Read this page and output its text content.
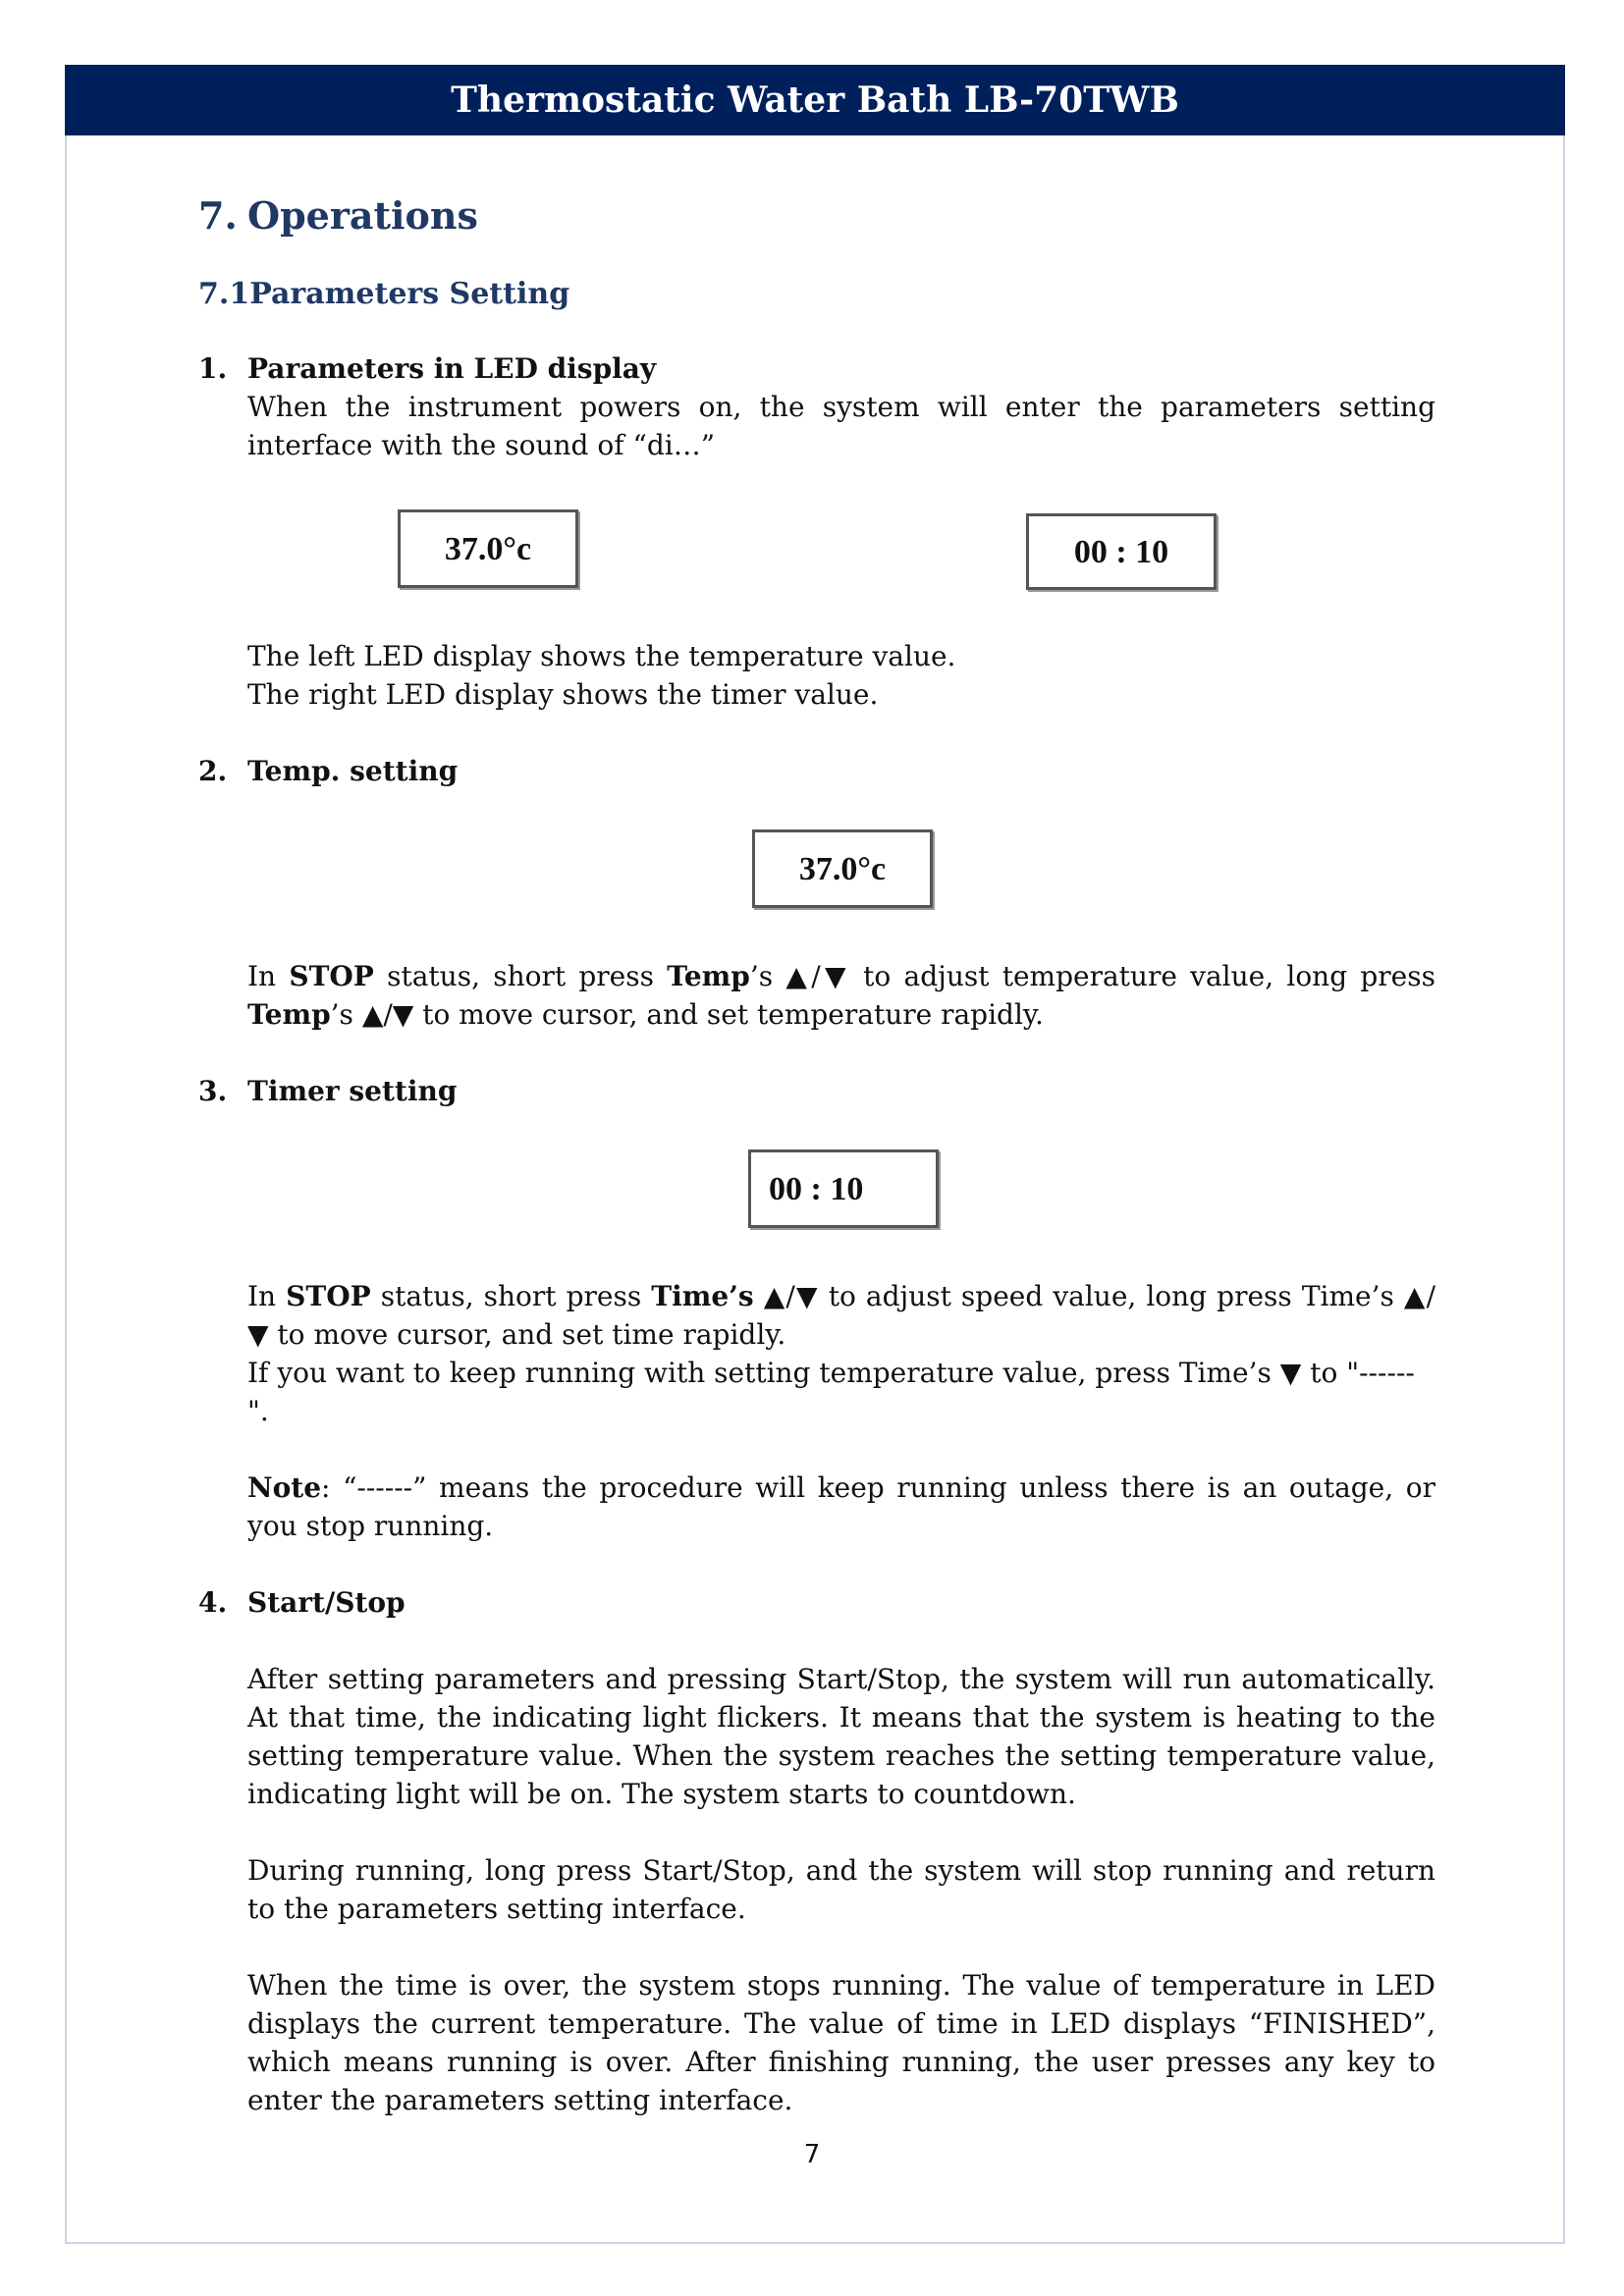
Thermostatic Water Bath LB-70TWB
7. Operations
7.1Parameters Setting
1. Parameters in LED display

When the instrument powers on, the system will enter the parameters setting interface with the sound of “di…”

37.0°c	00 : 10

The left LED display shows the temperature value.

The right LED display shows the timer value.

2. Temp. setting
37.0°c

In STOP status, short press Temp’s ▲/▼ to adjust temperature value, long press Temp’s ▲/▼ to move cursor, and set temperature rapidly.

3. Timer setting
00 : 10

In STOP status, short press Time’s ▲/▼ to adjust speed value, long press Time’s ▲/▼ to move cursor, and set time rapidly.

If you want to keep running with setting temperature value, press Time’s ▼ to "------".

Note: “------” means the procedure will keep running unless there is an outage, or you stop running.

4. Start/Stop

After setting parameters and pressing Start/Stop, the system will run automatically. At that time, the indicating light flickers. It means that the system is heating to the setting temperature value. When the system reaches the setting temperature value, indicating light will be on. The system starts to countdown.

During running, long press Start/Stop, and the system will stop running and return to the parameters setting interface.

When the time is over, the system stops running. The value of temperature in LED displays the current temperature. The value of time in LED displays “FINISHED”, which means running is over. After finishing running, the user presses any key to enter the parameters setting interface.

7
